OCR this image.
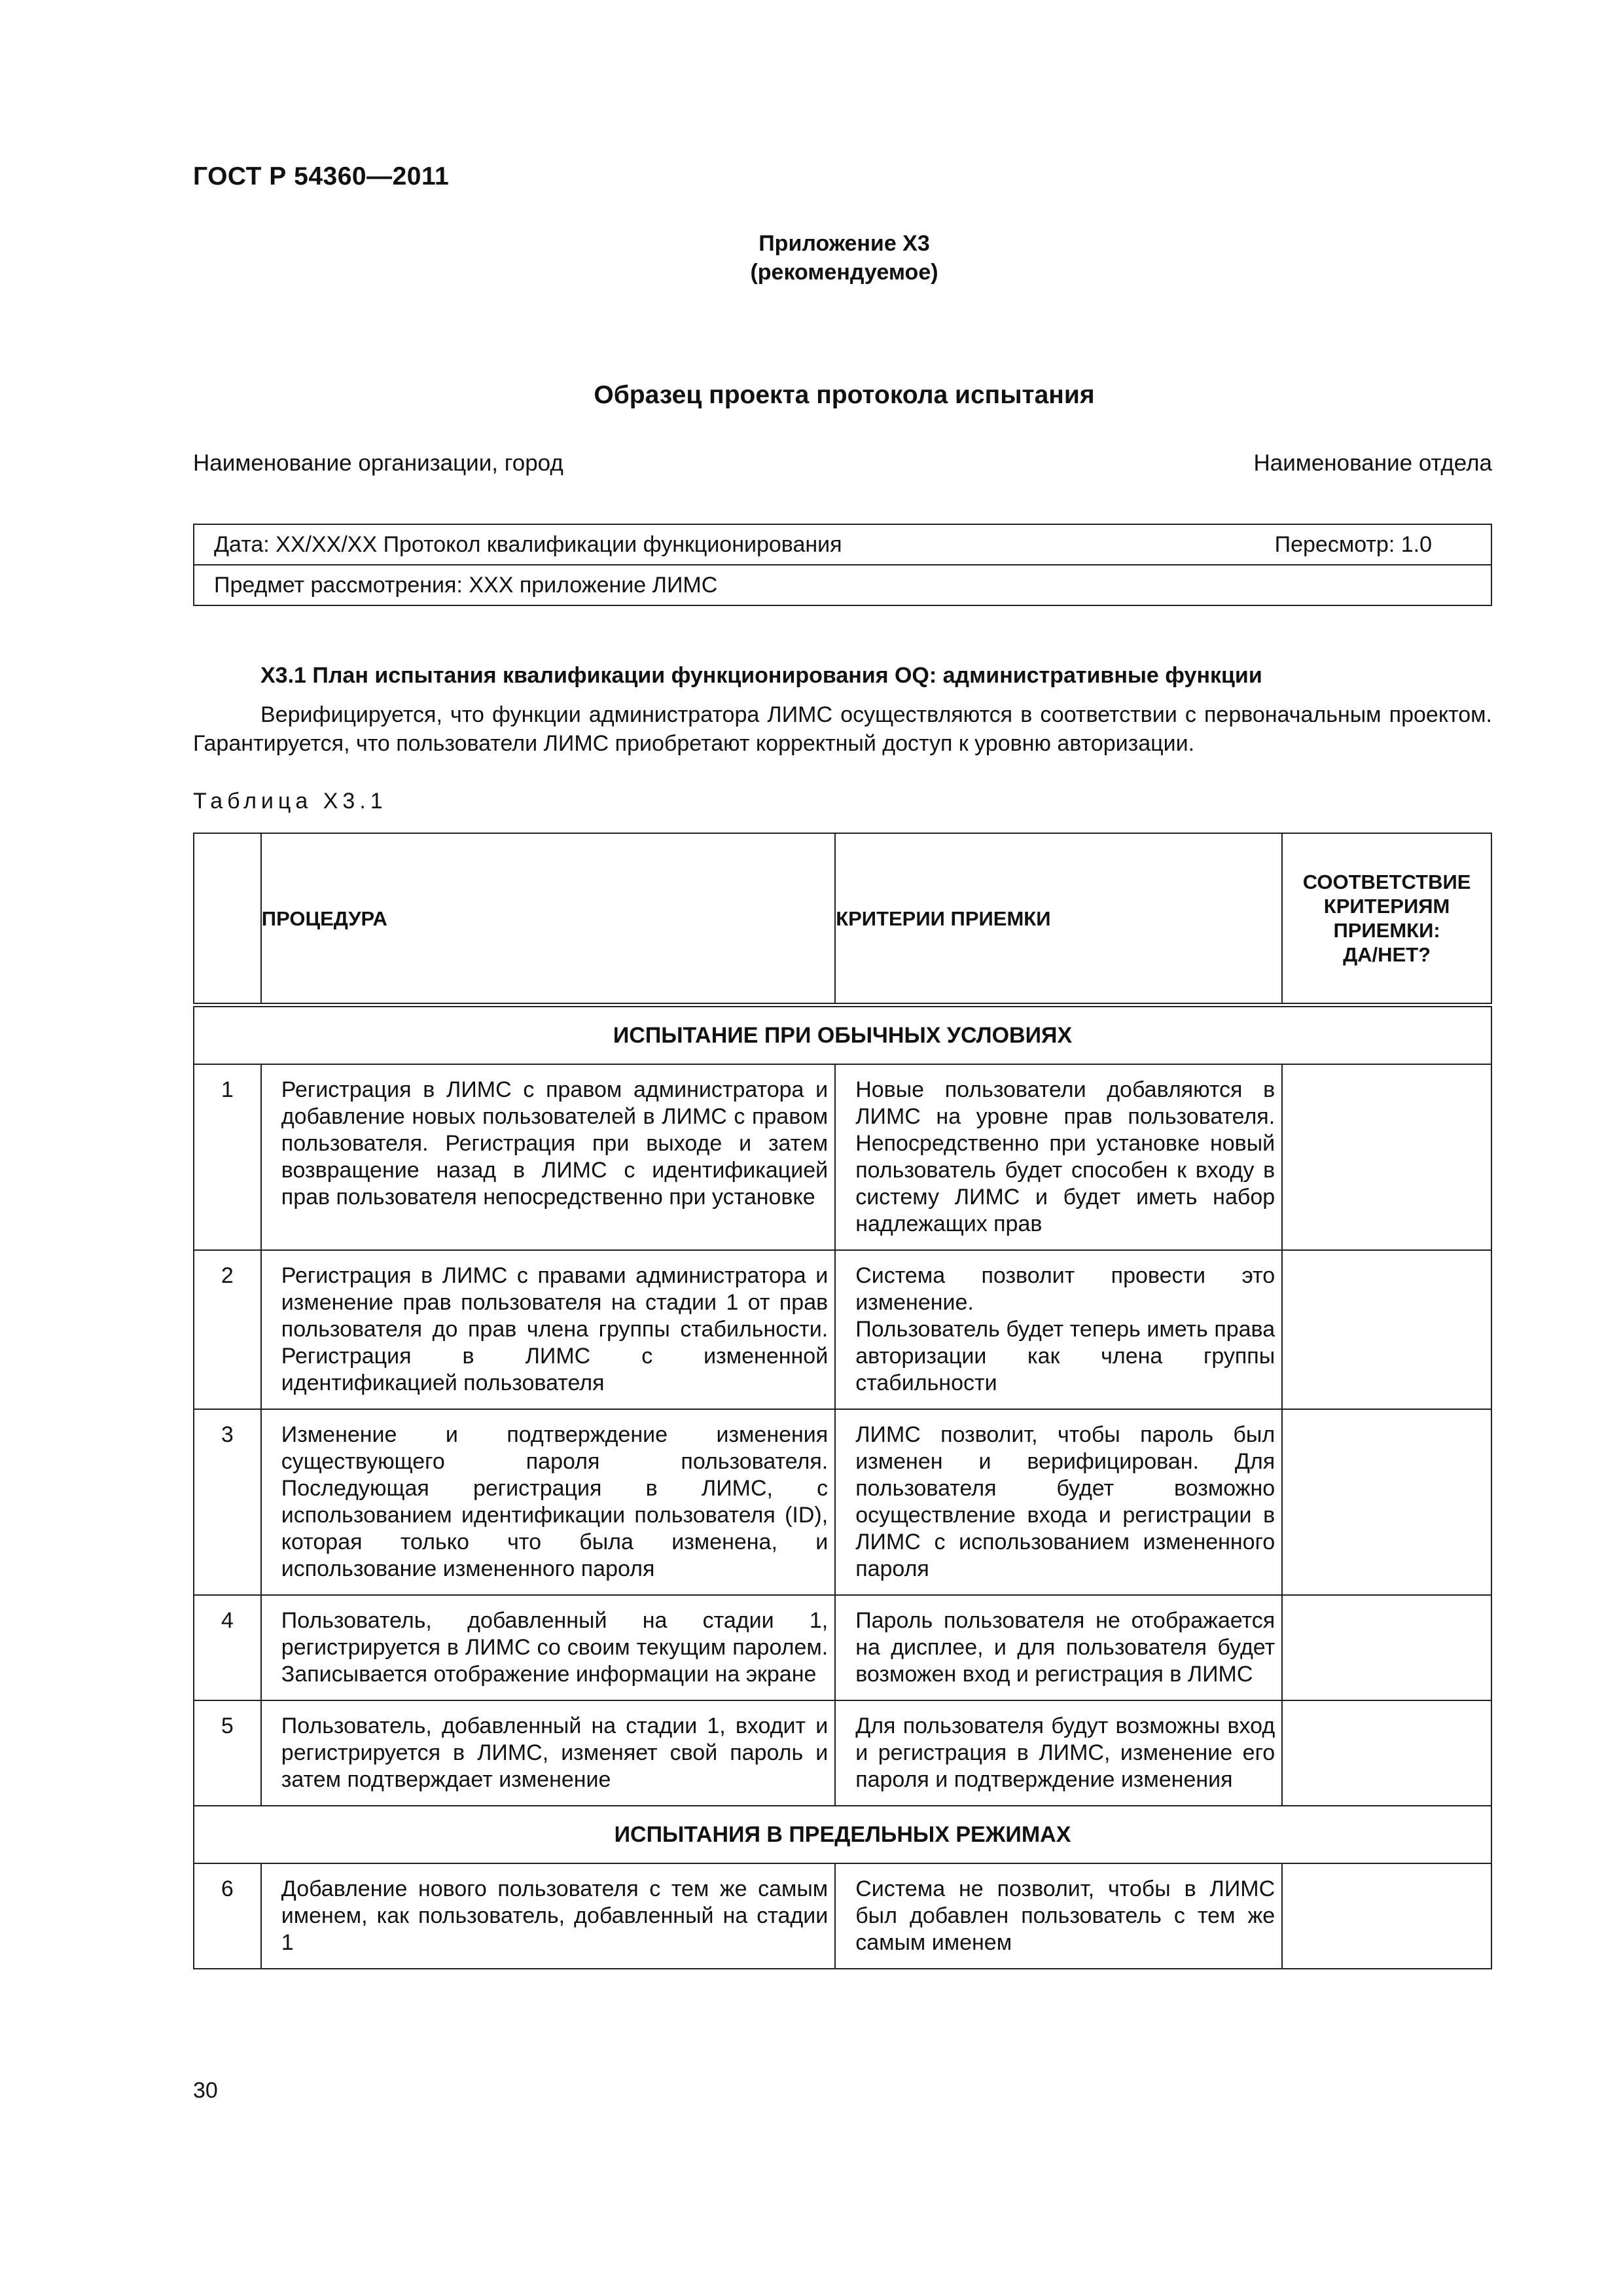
ГОСТ Р 54360—2011
Приложение Х3
(рекомендуемое)
Образец проекта протокола испытания
Наименование организации, город	Наименование отдела
Дата: ХХ/ХХ/ХХ Протокол квалификации функционирования	Пересмотр: 1.0

Предмет рассмотрения: ХХХ приложение ЛИМС
Х3.1 План испытания квалификации функционирования OQ: административные функции
Верифицируется, что функции администратора ЛИМС осуществляются в соответствии с первоначальным проектом. Гарантируется, что пользователи ЛИМС приобретают корректный доступ к уровню авторизации.
Таблица Х3.1
	ПРОЦЕДУРА	КРИТЕРИИ ПРИЕМКИ	СООТВЕТСТВИЕ
КРИТЕРИЯМ
ПРИЕМКИ:
ДА/НЕТ?

ИСПЫТАНИЕ ПРИ ОБЫЧНЫХ УСЛОВИЯХ			
1	Регистрация в ЛИМС с правом администратора и добавление новых пользователей в ЛИМС с правом пользователя. Регистрация при выходе и затем возвращение назад в ЛИМС с идентификацией прав пользователя непосредственно при установке	Новые пользователи добавляются в ЛИМС на уровне прав пользователя. Непосредственно при установке новый пользователь будет способен к входу в систему ЛИМС и будет иметь набор надлежащих прав	
2	Регистрация в ЛИМС с правами администратора и изменение прав пользователя на стадии 1 от прав пользователя до прав члена группы стабильности. Регистрация в ЛИМС с измененной идентификацией пользователя	Система позволит провести это изменение.
Пользователь будет теперь иметь права авторизации как члена группы стабильности	

3	Изменение и подтверждение изменения существующего пароля пользователя. Последующая регистрация в ЛИМС, с использованием идентификации пользователя (ID), которая только что была изменена, и использование измененного пароля	ЛИМС позволит, чтобы пароль был изменен и верифицирован. Для пользователя будет возможно осуществление входа и регистрации в ЛИМС с использованием измененного пароля	
4	Пользователь, добавленный на стадии 1, регистрируется в ЛИМС со своим текущим паролем. Записывается отображение информации на экране	Пароль пользователя не отображается на дисплее, и для пользователя будет возможен вход и регистрация в ЛИМС	
5	Пользователь, добавленный на стадии 1, входит и регистрируется в ЛИМС, изменяет свой пароль и затем подтверждает изменение	Для пользователя будут возможны вход и регистрация в ЛИМС, изменение его пароля и подтверждение изменения	
ИСПЫТАНИЯ В ПРЕДЕЛЬНЫХ РЕЖИМАХ			
6	Добавление нового пользователя с тем же самым именем, как пользователь, добавленный на стадии 1	Система не позволит, чтобы в ЛИМС был добавлен пользователь с тем же самым именем	
30
